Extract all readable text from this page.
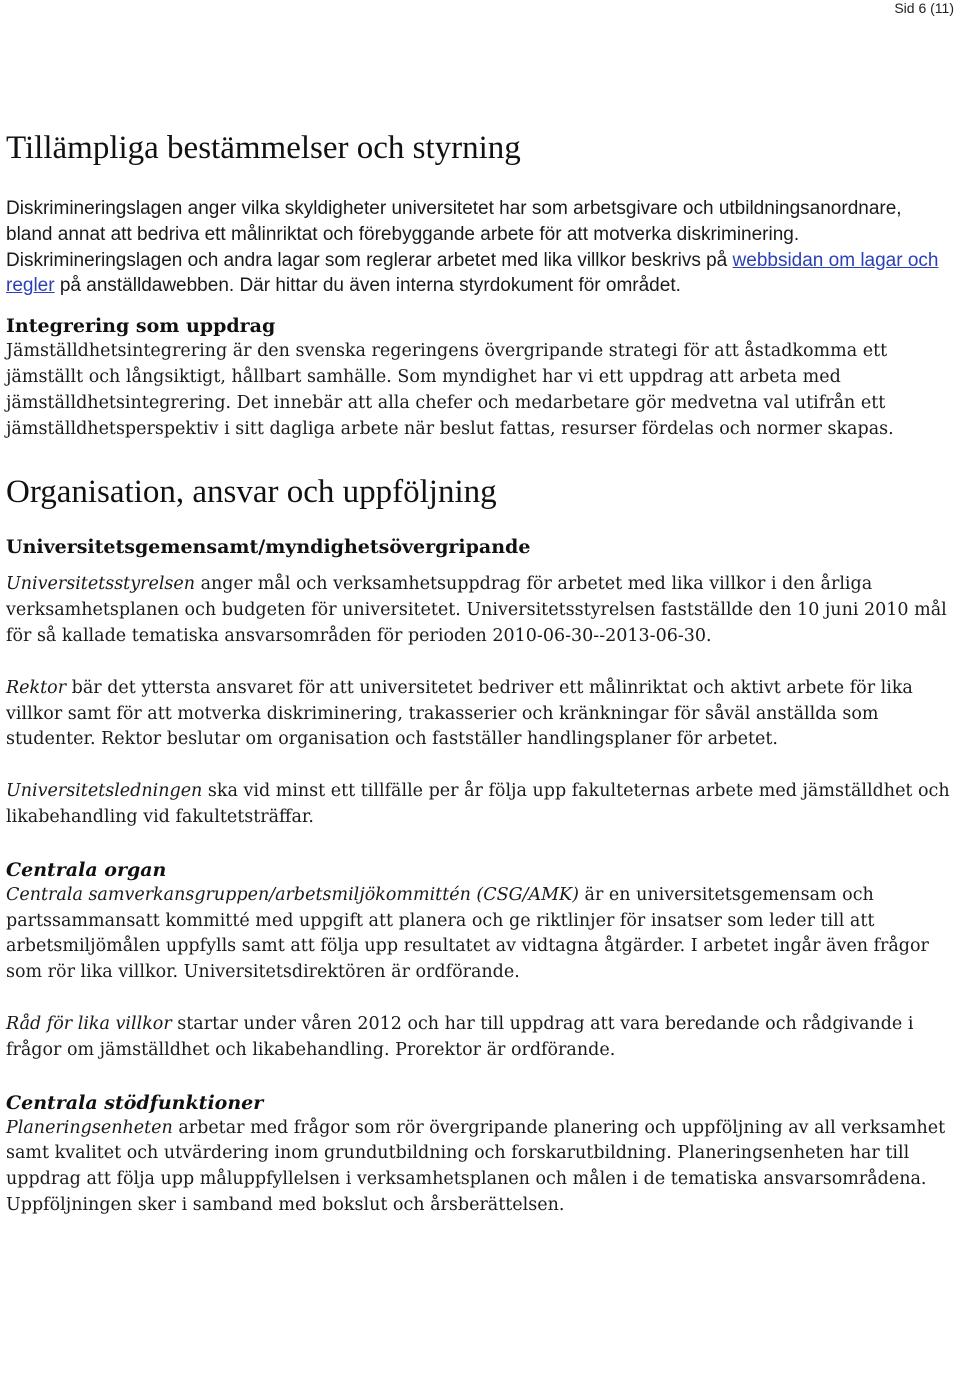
Sid 6 (11)
Tillämpliga bestämmelser och styrning

Diskrimineringslagen anger vilka skyldigheter universitetet har som arbetsgivare och utbildningsanordnare, bland annat att bedriva ett målinriktat och förebyggande arbete för att motverka diskriminering. Diskrimineringslagen och andra lagar som reglerar arbetet med lika villkor beskrivs på webbsidan om lagar och regler på anställdawebben. Där hittar du även interna styrdokument för området.

Integrering som uppdrag

Jämställdhetsintegrering är den svenska regeringens övergripande strategi för att åstadkomma ett jämställt och långsiktigt, hållbart samhälle. Som myndighet har vi ett uppdrag att arbeta med jämställdhetsintegrering. Det innebär att alla chefer och medarbetare gör medvetna val utifrån ett jämställdhetsperspektiv i sitt dagliga arbete när beslut fattas, resurser fördelas och normer skapas.

Organisation, ansvar och uppföljning
Universitetsgemensamt/myndighetsövergripande

Universitetsstyrelsen anger mål och verksamhetsuppdrag för arbetet med lika villkor i den årliga verksamhetsplanen och budgeten för universitetet. Universitetsstyrelsen fastställde den 10 juni 2010 mål för så kallade tematiska ansvarsområden för perioden 2010-06-30--2013-06-30.

Rektor bär det yttersta ansvaret för att universitetet bedriver ett målinriktat och aktivt arbete för lika villkor samt för att motverka diskriminering, trakasserier och kränkningar för såväl anställda som studenter. Rektor beslutar om organisation och fastställer handlingsplaner för arbetet.

Universitetsledningen ska vid minst ett tillfälle per år följa upp fakulteternas arbete med jämställdhet och likabehandling vid fakultetsträffar.

Centrala organ

Centrala samverkansgruppen/arbetsmiljökommittén (CSG/AMK) är en universitetsgemensam och partssammansatt kommitté med uppgift att planera och ge riktlinjer för insatser som leder till att arbetsmiljömålen uppfylls samt att följa upp resultatet av vidtagna åtgärder. I arbetet ingår även frågor som rör lika villkor. Universitetsdirektören är ordförande.

Råd för lika villkor startar under våren 2012 och har till uppdrag att vara beredande och rådgivande i frågor om jämställdhet och likabehandling. Prorektor är ordförande.

Centrala stödfunktioner

Planeringsenheten arbetar med frågor som rör övergripande planering och uppföljning av all verksamhet samt kvalitet och utvärdering inom grundutbildning och forskarutbildning. Planeringsenheten har till uppdrag att följa upp måluppfyllelsen i verksamhetsplanen och målen i de tematiska ansvarsområdena. Uppföljningen sker i samband med bokslut och årsberättelsen.
